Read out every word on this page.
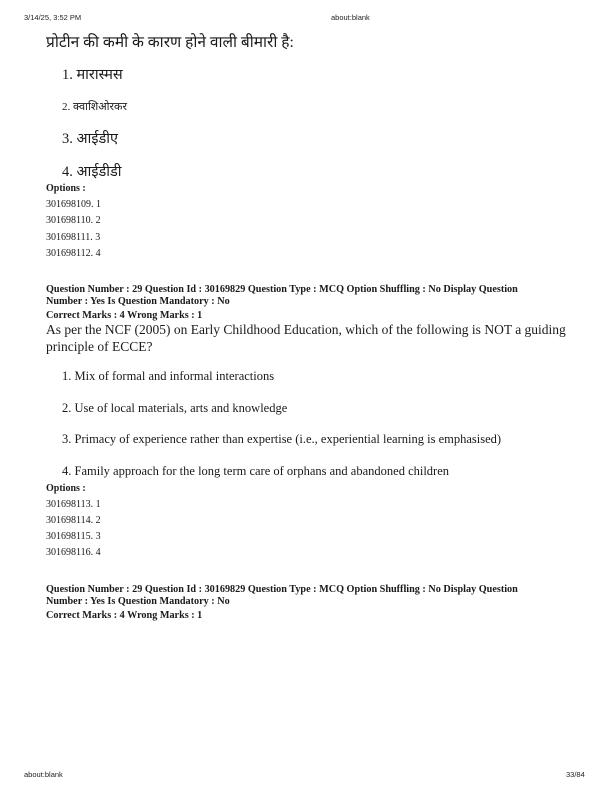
3/14/25, 3:52 PM	about:blank
प्रोटीन की कमी के कारण होने वाली बीमारी है:
1. मारास्मस
2. क्वाशिओरकर
3. आईडीए
4. आईडीडी
Options :
301698109. 1
301698110. 2
301698111. 3
301698112. 4
Question Number : 29 Question Id : 30169829 Question Type : MCQ Option Shuffling : No Display Question
Number : Yes Is Question Mandatory : No
Correct Marks : 4 Wrong Marks : 1
As per the NCF (2005) on Early Childhood Education, which of the following is NOT a guiding principle of ECCE?
1. Mix of formal and informal interactions
2. Use of local materials, arts and knowledge
3. Primacy of experience rather than expertise (i.e., experiential learning is emphasised)
4. Family approach for the long term care of orphans and abandoned children
Options :
301698113. 1
301698114. 2
301698115. 3
301698116. 4
Question Number : 29 Question Id : 30169829 Question Type : MCQ Option Shuffling : No Display Question
Number : Yes Is Question Mandatory : No
Correct Marks : 4 Wrong Marks : 1
about:blank	33/84
